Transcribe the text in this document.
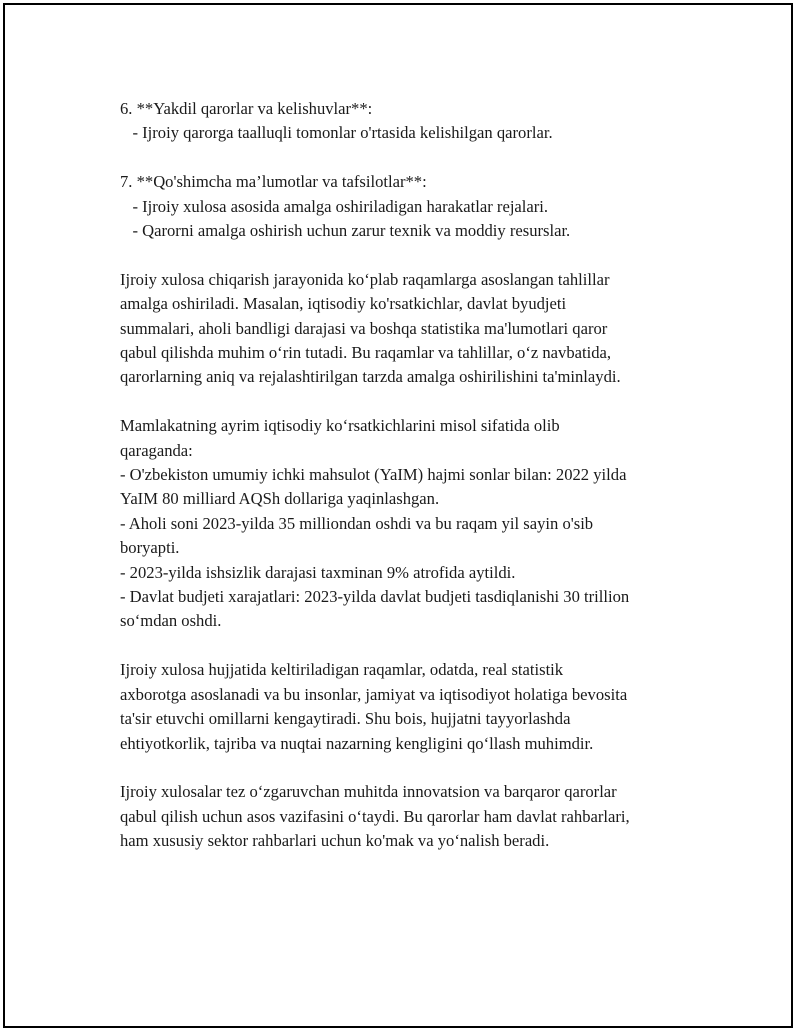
6. **Yakdil qarorlar va kelishuvlar**:
- Ijroiy qarorga taalluqli tomonlar o'rtasida kelishilgan qarorlar.
7. **Qo'shimcha ma’lumotlar va tafsilotlar**:
- Ijroiy xulosa asosida amalga oshiriladigan harakatlar rejalari.
- Qarorni amalga oshirish uchun zarur texnik va moddiy resurslar.
Ijroiy xulosa chiqarish jarayonida koʻplab raqamlarga asoslangan tahlillar
amalga oshiriladi. Masalan, iqtisodiy ko'rsatkichlar, davlat byudjeti
summalari, aholi bandligi darajasi va boshqa statistika ma'lumotlari qaror
qabul qilishda muhim oʻrin tutadi. Bu raqamlar va tahlillar, oʻz navbatida,
qarorlarning aniq va rejalashtirilgan tarzda amalga oshirilishini ta'minlaydi.
Mamlakatning ayrim iqtisodiy koʻrsatkichlarini misol sifatida olib
qaraganda:
- O'zbekiston umumiy ichki mahsulot (YaIM) hajmi sonlar bilan: 2022 yilda
YaIM 80 milliard AQSh dollariga yaqinlashgan.
- Aholi soni 2023-yilda 35 milliondan oshdi va bu raqam yil sayin o'sib
boryapti.
- 2023-yilda ishsizlik darajasi taxminan 9% atrofida aytildi.
- Davlat budjeti xarajatlari: 2023-yilda davlat budjeti tasdiqlanishi 30 trillion
soʻmdan oshdi.
Ijroiy xulosa hujjatida keltiriladigan raqamlar, odatda, real statistik
axborotga asoslanadi va bu insonlar, jamiyat va iqtisodiyot holatiga bevosita
ta'sir etuvchi omillarni kengaytiradi. Shu bois, hujjatni tayyorlashda
ehtiyotkorlik, tajriba va nuqtai nazarning kengligini qoʻllash muhimdir.
Ijroiy xulosalar tez oʻzgaruvchan muhitda innovatsion va barqaror qarorlar
qabul qilish uchun asos vazifasini oʻtaydi. Bu qarorlar ham davlat rahbarlari,
ham xususiy sektor rahbarlari uchun ko'mak va yoʻnalish beradi.
